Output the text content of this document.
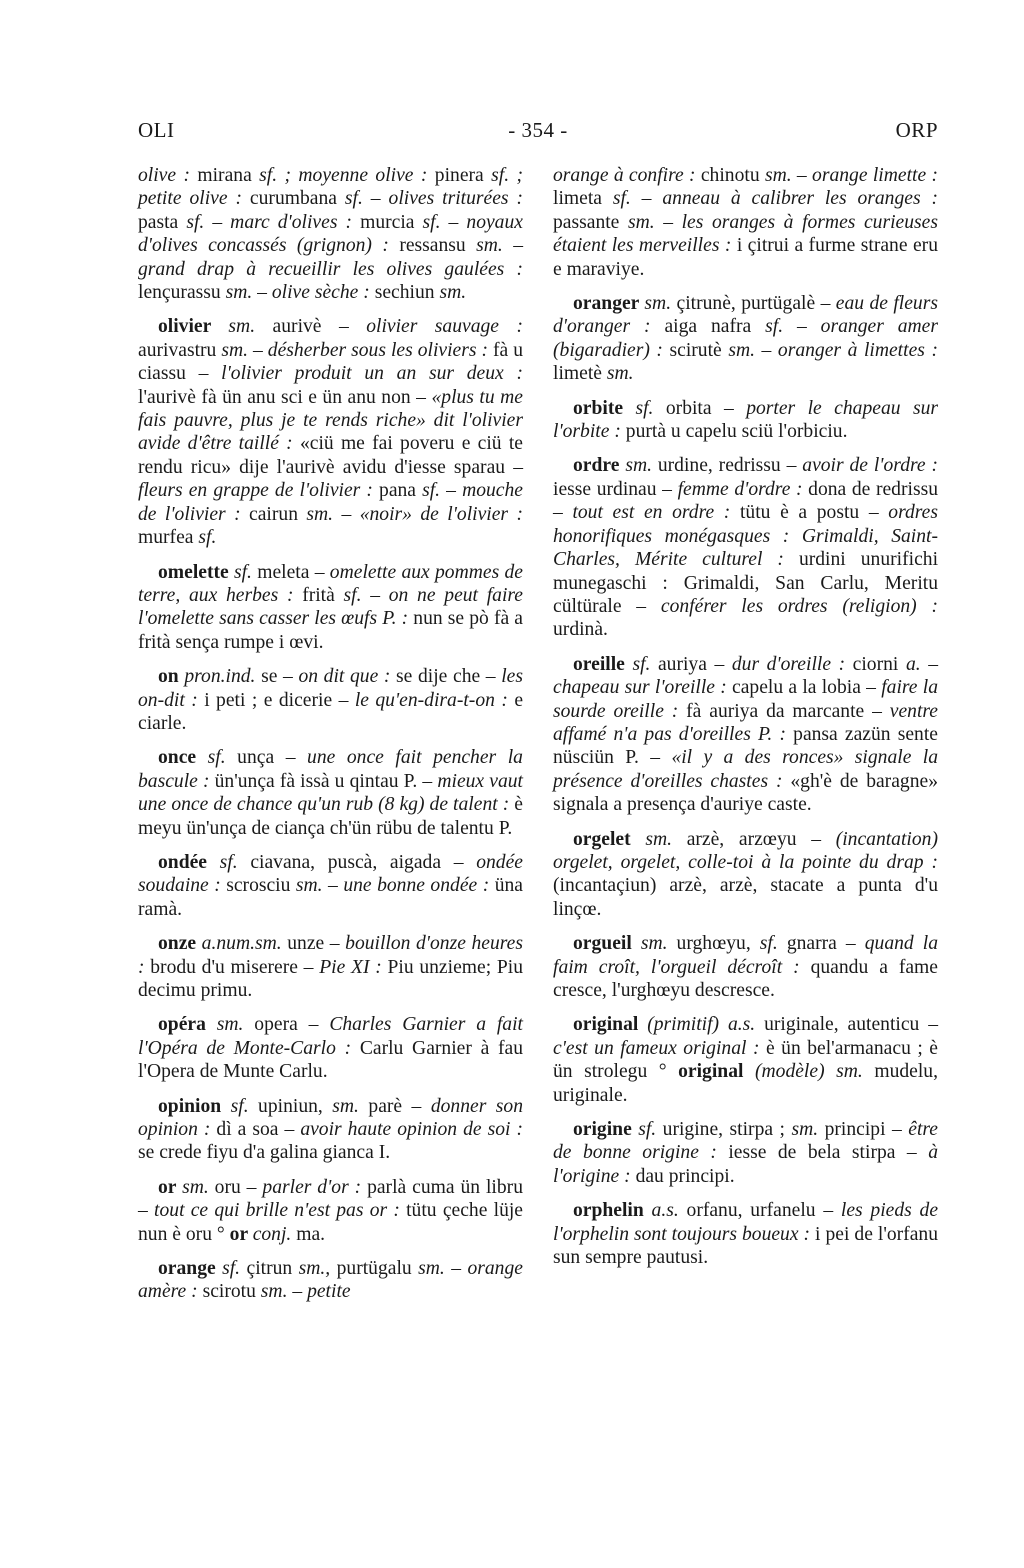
OLI	- 354 -	ORP

olive : mirana sf. ; moyenne olive : pinera sf. ; petite olive : curumbana sf. – olives triturées : pasta sf. – marc d'olives : murcia sf. – noyaux d'olives concassés (grignon) : ressansu sm. – grand drap à recueillir les olives gaulées : lençurassu sm. – olive sèche : sechiun sm.

olivier sm. aurivè – olivier sauvage : aurivastru sm. – désherber sous les oliviers : fà u ciassu – l'olivier produit un an sur deux : l'aurivè fà ün anu sci e ün anu non – «plus tu me fais pauvre, plus je te rends riche» dit l'olivier avide d'être taillé : «ciü me fai poveru e ciü te rendu ricu» dije l'aurivè avidu d'iesse sparau – fleurs en grappe de l'olivier : pana sf. – mouche de l'olivier : cairun sm. – «noir» de l'olivier : murfea sf.

omelette sf. meleta – omelette aux pommes de terre, aux herbes : frità sf. – on ne peut faire l'omelette sans casser les œufs P. : nun se pò fà a frità sença rumpe i œvi.

on pron.ind. se – on dit que : se dije che – les on-dit : i peti ; e dicerie – le qu'en-dira-t-on : e ciarle.

once sf. unça – une once fait pencher la bascule : ün'unça fà issà u qintau P. – mieux vaut une once de chance qu'un rub (8 kg) de talent : è meyu ün'unça de ciança ch'ün rübu de talentu P.

ondée sf. ciavana, puscà, aigada – ondée soudaine : scrosciu sm. – une bonne ondée : üna ramà.

onze a.num.sm. unze – bouillon d'onze heures : brodu d'u miserere – Pie XI : Piu unzieme; Piu decimu primu.

opéra sm. opera – Charles Garnier a fait l'Opéra de Monte-Carlo : Carlu Garnier à fau l'Opera de Munte Carlu.

opinion sf. upiniun, sm. parè – donner son opinion : dì a soa – avoir haute opinion de soi : se crede fiyu d'a galina gianca I.

or sm. oru – parler d'or : parlà cuma ün libru – tout ce qui brille n'est pas or : tütu çeche lüje nun è oru ° or conj. ma.

orange sf. çitrun sm., purtügalu sm. – orange amère : scirotu sm. – petite

orange à confire : chinotu sm. – orange limette : limeta sf. – anneau à calibrer les oranges : passante sm. – les oranges à formes curieuses étaient les merveilles : i çitrui a furme strane eru e maraviye.

oranger sm. çitrunè, purtügalè – eau de fleurs d'oranger : aiga nafra sf. – oranger amer (bigaradier) : scirutè sm. – oranger à limettes : limetè sm.

orbite sf. orbita – porter le chapeau sur l'orbite : purtà u capelu sciü l'orbiciu.

ordre sm. urdine, redrissu – avoir de l'ordre : iesse urdinau – femme d'ordre : dona de redrissu – tout est en ordre : tütu è a postu – ordres honorifiques monégasques : Grimaldi, Saint-Charles, Mérite culturel : urdini unurifichi munegaschi : Grimaldi, San Carlu, Meritu cültürale – conférer les ordres (religion) : urdinà.

oreille sf. auriya – dur d'oreille : ciorni a. – chapeau sur l'oreille : capelu a la lobia – faire la sourde oreille : fà auriya da marcante – ventre affamé n'a pas d'oreilles P. : pansa zazün sente nüsciün P. – «il y a des ronces» signale la présence d'oreilles chastes : «gh'è de baragne» signala a presença d'auriye caste.

orgelet sm. arzè, arzœyu – (incantation) orgelet, orgelet, colle-toi à la pointe du drap : (incantaçiun) arzè, arzè, stacate a punta d'u linçœ.

orgueil sm. urghœyu, sf. gnarra – quand la faim croît, l'orgueil décroît : quandu a fame cresce, l'urghœyu descresce.

original (primitif) a.s. uriginale, autenticu – c'est un fameux original : è ün bel'armanacu ; è ün strolegu ° original (modèle) sm. mudelu, uriginale.

origine sf. urigine, stirpa ; sm. principi – être de bonne origine : iesse de bela stirpa – à l'origine : dau principi.

orphelin a.s. orfanu, urfanelu – les pieds de l'orphelin sont toujours boueux : i pei de l'orfanu sun sempre pautusi.
